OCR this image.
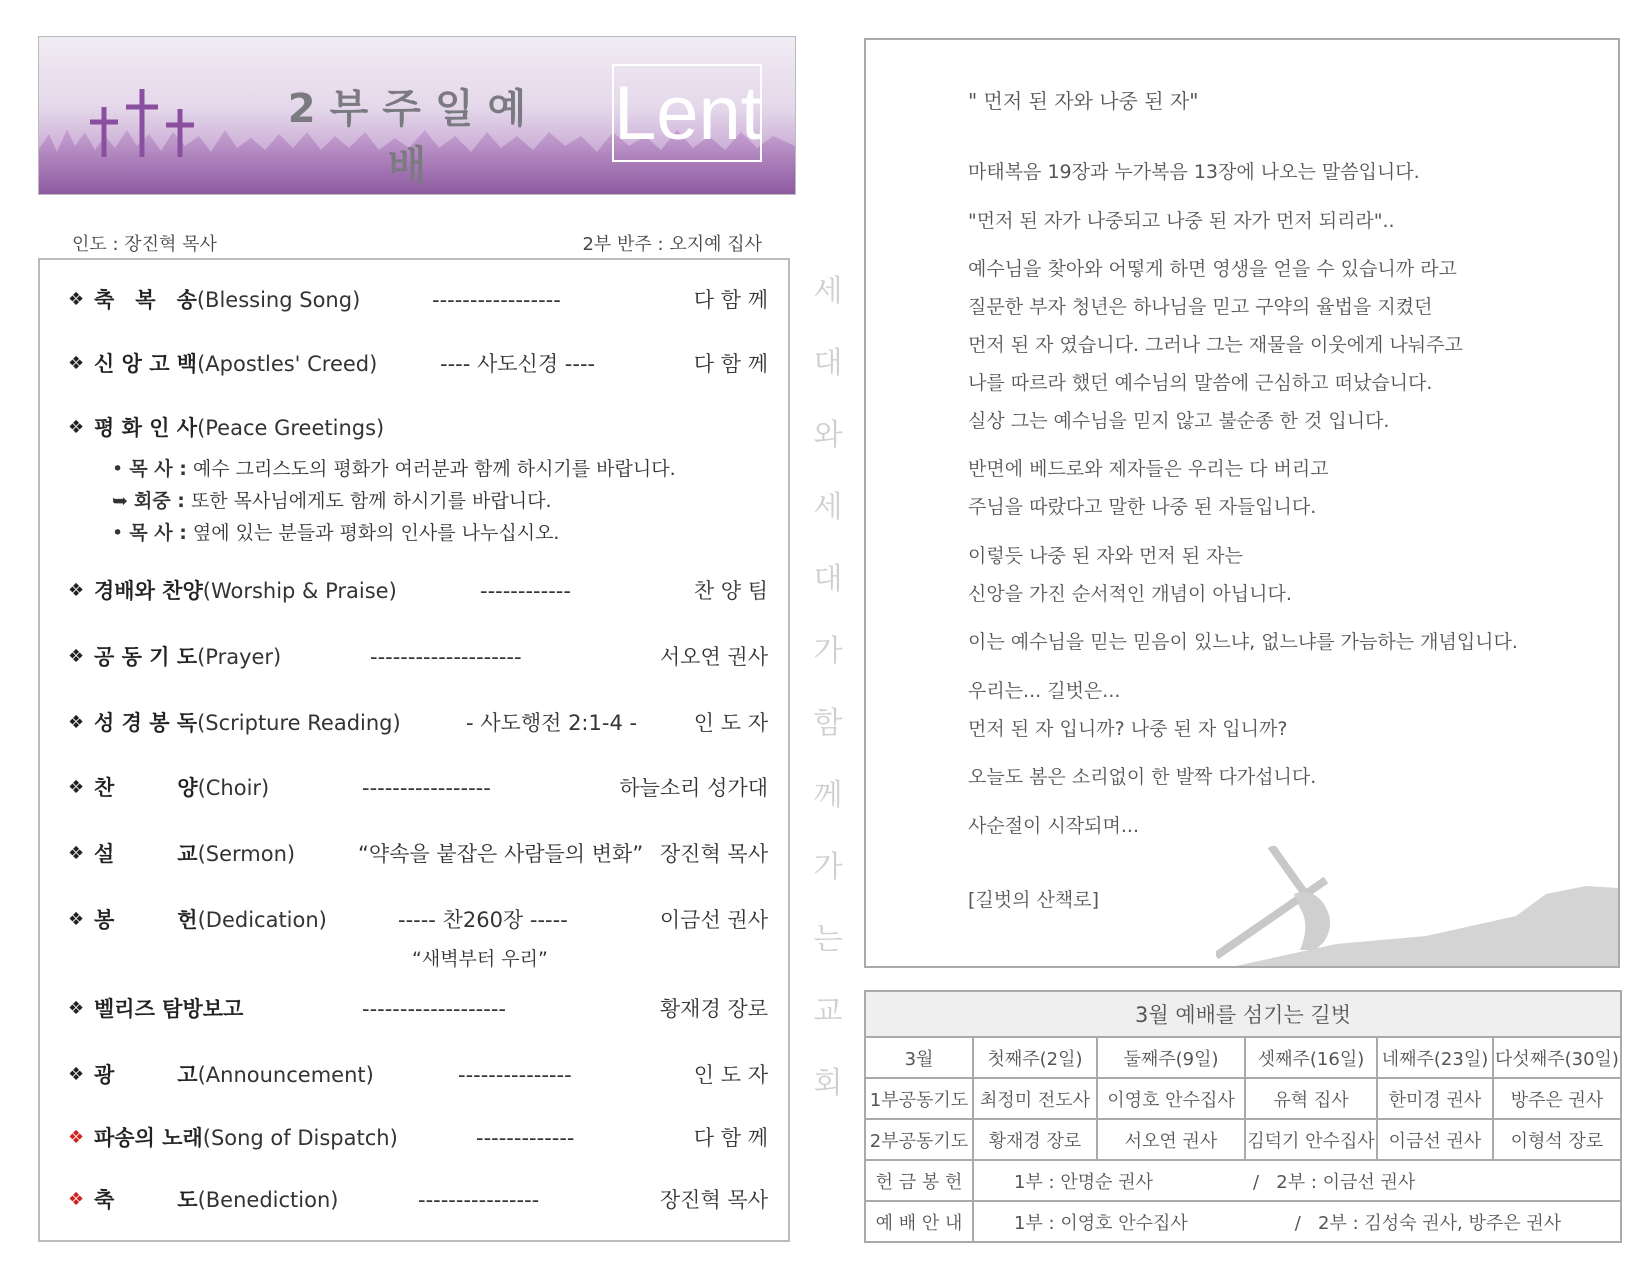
2부주일예배
Lent
인도 : 장진혁 목사	2부 반주 : 오지예 집사
❖ 축　복　송(Blessing Song)	-----------------	다 함 께
❖ 신 앙 고 백(Apostles' Creed)	---- 사도신경 ----	다 함 께
❖ 평 화 인 사(Peace Greetings)
• 목 사 : 예수 그리스도의 평화가 여러분과 함께 하시기를 바랍니다.
➥ 회중 : 또한 목사님에게도 함께 하시기를 바랍니다.
• 목 사 : 옆에 있는 분들과 평화의 인사를 나누십시오.
❖ 경배와 찬양(Worship & Praise)	------------	찬 양 팀
❖ 공 동 기 도(Prayer)	--------------------	서오연 권사
❖ 성 경 봉 독(Scripture Reading)	- 사도행전 2:1-4 -	인 도 자
❖ 찬　　　양(Choir)	-----------------	하늘소리 성가대
❖ 설　　　교(Sermon)	“약속을 붙잡은 사람들의 변화” 장진혁 목사
❖ 봉　　　헌(Dedication)	----- 찬260장 -----	이금선 권사
“새벽부터 우리”
❖ 벨리즈 탐방보고	-------------------	황재경 장로
❖ 광　　　고(Announcement)	---------------	인 도 자
❖ 파송의 노래(Song of Dispatch)	-------------	다 함 께
❖ 축　　　도(Benediction)	----------------	장진혁 목사
세
대
와
세
대
가
함
께
가
는
교
회
" 먼저 된 자와 나중 된 자"
마태복음 19장과 누가복음 13장에 나오는 말씀입니다.
"먼저 된 자가 나중되고 나중 된 자가 먼저 되리라"..
예수님을 찾아와 어떻게 하면 영생을 얻을 수 있습니까 라고
질문한 부자 청년은 하나님을 믿고 구약의 율법을 지켰던
먼저 된 자 였습니다. 그러나 그는 재물을 이웃에게 나눠주고
나를 따르라 했던 예수님의 말씀에 근심하고 떠났습니다.
실상 그는 예수님을 믿지 않고 불순종 한 것 입니다.
반면에 베드로와 제자들은 우리는 다 버리고
주님을 따랐다고 말한 나중 된 자들입니다.
이렇듯 나중 된 자와 먼저 된 자는
신앙을 가진 순서적인 개념이 아닙니다.
이는 예수님을 믿는 믿음이 있느냐, 없느냐를 가늠하는 개념입니다.
우리는... 길벗은...
먼저 된 자 입니까? 나중 된 자 입니까?
오늘도 봄은 소리없이 한 발짝 다가섭니다.
사순절이 시작되며...
[길벗의 산책로]
3월 예배를 섬기는 길벗					
3월	첫째주(2일)	둘째주(9일)	셋째주(16일)	네째주(23일)	다섯째주(30일)
1부공동기도	최정미 전도사	이영호 안수집사	유혁 집사	한미경 권사	방주은 권사
2부공동기도	황재경 장로	서오연 권사	김덕기 안수집사	이금선 권사	이형석 장로
헌 금 봉 헌	1부 : 안명순 권사 / 2부 : 이금선 권사				
예 배 안 내	1부 : 이영호 안수집사 / 2부 : 김성숙 권사, 방주은 권사				
